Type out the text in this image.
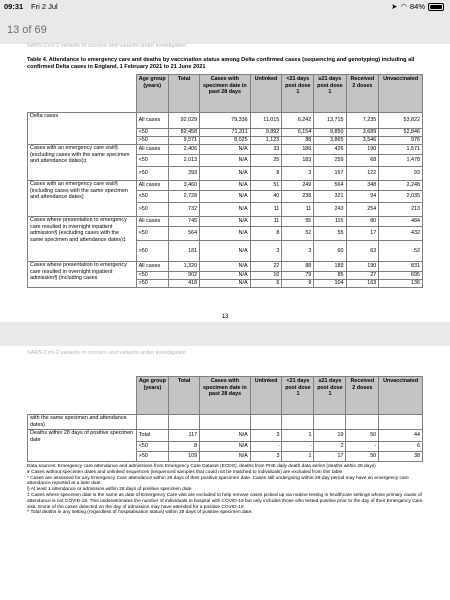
09:31 Fri 2 Jul	➤ ◠ 84%
13 of 69
SARS-CoV-2 variants of concern and variants under investigation
Table 4. Attendance to emergency care and deaths by vaccination status among Delta confirmed cases (sequencing and genotyping) including all confirmed Delta cases in England, 1 February 2021 to 21 June 2021
	Age group (years)	Total	Cases with specimen date in past 28 days	Unlinked	<21 days post dose 1	≥21 days post dose 1	Received 2 doses	Unvaccinated
Delta cases	All cases	92,029	79,336	11,015	6,242	13,715	7,235	53,822
	<50	82,458	71,311	9,892	6,154	9,850	3,689	52,846
	>50	9,571	8,025	1,123	88	3,865	3,546	976
Cases with an emergency care visit§ (excluding cases with the same specimen and attendance dates)‡	All cases	2,406	N/A	33	186	426	190	1,571
	<50	2,013	N/A	25	183	259	68	1,478
	>50	393	N/A	8	3	167	122	93
Cases with an emergency care visit§ (including cases with the same specimen and attendance dates)	All cases	3,460	N/A	51	249	564	348	2,248
	<50	2,728	N/A	40	238	321	94	2,035
	>50	732	N/A	11	11	243	254	213
Cases where presentation to emergency care resulted in overnight inpatient admission§ (excluding cases with the same specimen and attendance dates)‡	All cases	745	N/A	11	55	115	80	484
	<50	564	N/A	8	52	55	17	432
	>50	181	N/A	3	3	60	63	52
Cases where presentation to emergency care resulted in overnight inpatient admission§ (including cases	All cases	1,320	N/A	22	88	189	190	831
	<50	902	N/A	16	79	85	27	695
	>50	418	N/A	6	9	104	163	136
13
SARS-CoV-2 variants of concern and variants under investigation
	Age group (years)	Total	Cases with specimen date in past 28 days	Unlinked	<21 days post dose 1	≥21 days post dose 1	Received 2 doses	Unvaccinated
with the same specimen and attendance dates)								
Deaths within 28 days of positive specimen date	Total	117	N/A	3	1	19	50	44
	<50	8	N/A	-	-	2	-	6
	>50	109	N/A	3	1	17	50	38
Data sources: Emergency care attendance and admissions from Emergency Care Dataset (ECDS), deaths from PHE daily death data series (deaths within 28 days)
¥ Cases without specimen dates and unlinked sequences (sequenced samples that could not be matched to individuals) are excluded from this table.
* Cases are assessed for any Emergency Care attendance within 28 days of their positive specimen date. Cases still undergoing within-28-day period may have an emergency care attendance reported at a later date.
§ At least 1 attendance or admission within 28 days of positive specimen date
‡ Cases where specimen date is the same as date of Emergency Care visit are excluded to help remove cases picked up via routine testing in healthcare settings whose primary cause of attendance is not COVID-19. This underestimates the number of individuals in hospital with COVID-19 but only includes those who tested positive prior to the day of their Emergency Care visit. Some of the cases detected on the day of admission may have attended for a positive COVID-19.
^ Total deaths in any setting (regardless of hospitalisation status) within 28 days of positive specimen date.
